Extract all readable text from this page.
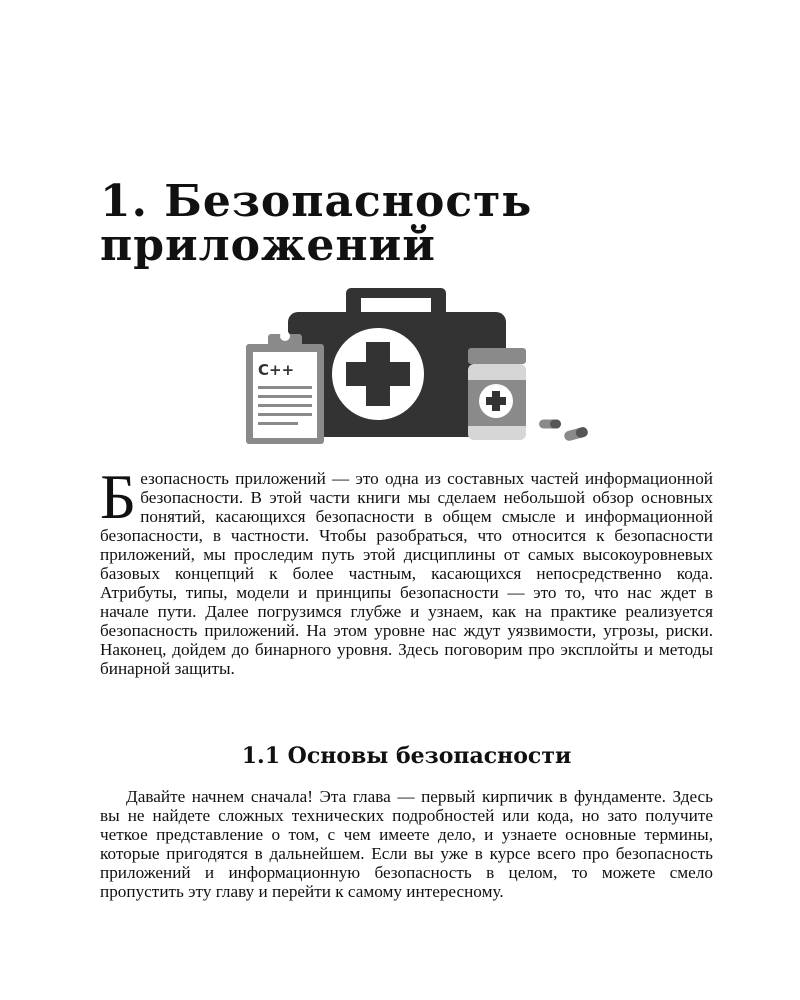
1. Безопасность
приложений
C++

Безопасность приложений — это одна из составных частей информационной безопасности. В этой части книги мы сделаем небольшой обзор основных понятий, касающихся безопасности в общем смысле и информационной безопасности, в частности. Чтобы разобраться, что относится к безопасности приложений, мы проследим путь этой дисциплины от самых высокоуровневых базовых концепций к более частным, касающихся непосредственно кода. Атрибуты, типы, модели и принципы безопасности — это то, что нас ждет в начале пути. Далее погрузимся глубже и узнаем, как на практике реализуется безопасность приложений. На этом уровне нас ждут уязвимости, угрозы, риски. Наконец, дойдем до бинарного уровня. Здесь поговорим про эксплойты и методы бинарной защиты.

1.1 Основы безопасности

Давайте начнем сначала! Эта глава — первый кирпичик в фундаменте. Здесь вы не найдете сложных технических подробностей или кода, но зато получите четкое представление о том, с чем имеете дело, и узнаете основные термины, которые пригодятся в дальнейшем. Если вы уже в курсе всего про безопасность приложений и информационную безопасность в целом, то можете смело пропустить эту главу и перейти к самому интересному.
